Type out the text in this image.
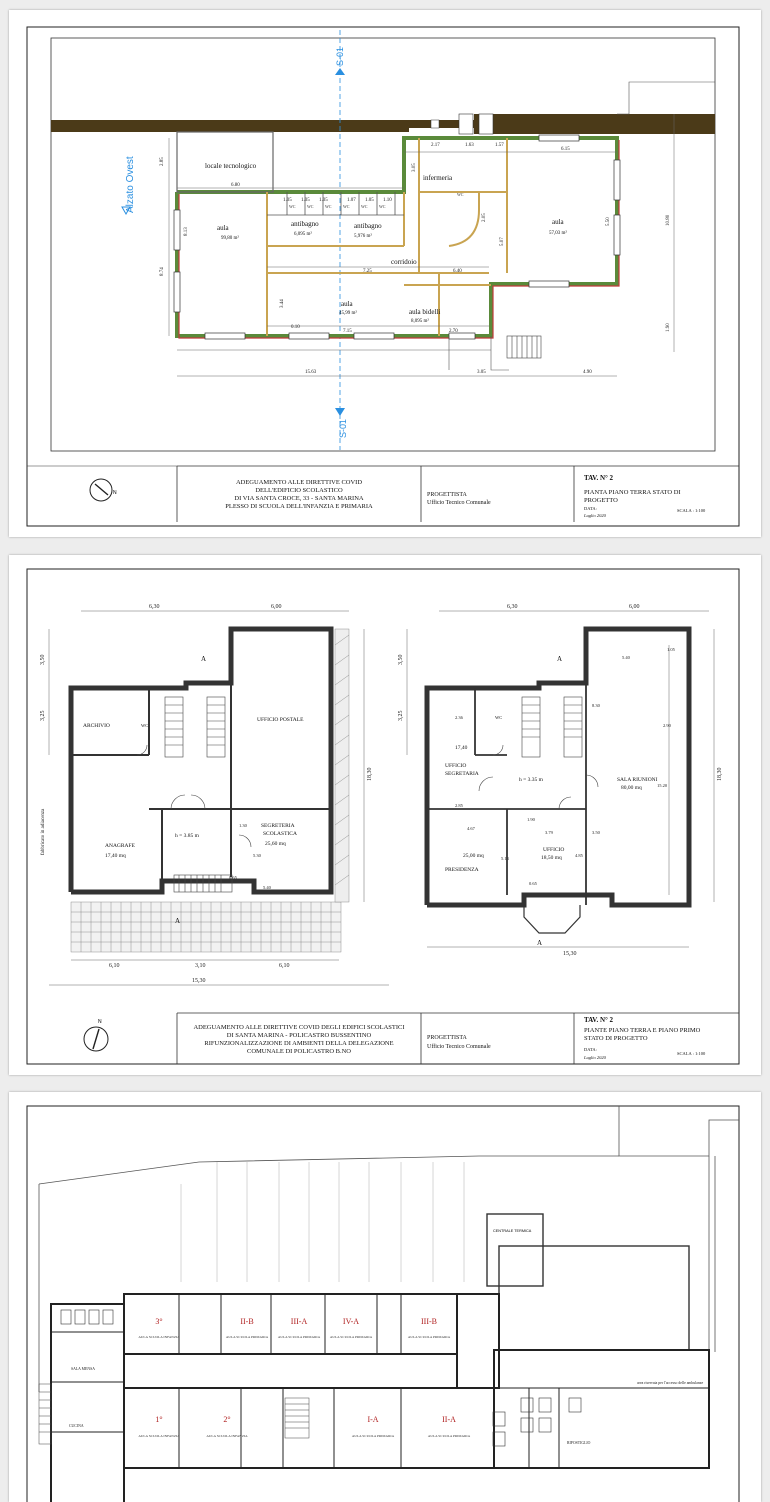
S-01
S-01
Alzato Ovest	locale tecnologico
aula
99,80 m²
antibagno
6,095 m²
antibagno
5,976 m²
infermeria
aula
57,03 m²
corridoio
aula
45,99 m²	aula bidelli
8,095 m²
WC	WC	WC	WC	WC	WC
WC
6.80
2.17	1.63	1.57
6.15
2.85
8.13
8.74
1.05 1.05 1.05	1.07 1.05 1.10
7.25	6.40
3.44
5.50	10.80
1.90
3.05
2.05
5.07
0.10
7.15	2.70
15.63	3.05	4.90
N
ADEGUAMENTO ALLE DIRETTIVE COVID
DELL'EDIFICIO SCOLASTICO
DI VIA SANTA CROCE, 33 - SANTA MARINA
PLESSO DI SCUOLA DELL'INFANZIA E PRIMARIA
PROGETTISTA
Ufficio Tecnico Comunale
TAV. N° 2
PIANTA PIANO TERRA STATO DI
PROGETTO
DATA:
Luglio 2020
SCALA : 1:100
6,30	6,00
3,50
3,25
18,30
6,10	3,10	6,10
15,30
1.30
5.30
5.40
0.65
ARCHIVIO	WC
UFFICIO POSTALE
ANAGRAFE
17,40 mq
SEGRETERIA
SCOLASTICA
25,60 mq
h = 3.85 m
fabbricato in adiacenza
A
A
6,30	6,00
3,50
3,25
18,30
15,30
5.40
8.30
2.36
2.85
4.67
1.90
3.79	3.50
5.13
4.85
0.65
2.90
15.20
1.05
WC
17,40
UFFICIO
SEGRETARIA
h = 3.35 m	SALA RIUNIONI
80,00 mq
25,00 mq
PRESIDENZA
UFFICIO
18,50 mq
A
A
N
ADEGUAMENTO ALLE DIRETTIVE COVID DEGLI EDIFICI SCOLASTICI
DI SANTA MARINA - POLICASTRO BUSSENTINO
RIFUNZIONALIZZAZIONE DI AMBIENTI DELLA DELEGAZIONE
COMUNALE DI POLICASTRO B.NO
PROGETTISTA
Ufficio Tecnico Comunale
TAV. N° 2
PIANTE PIANO TERRA E PIANO PRIMO
STATO DI PROGETTO
DATA:
Luglio 2020
SCALA : 1:100
CENTRALE TERMICA
3°
AULA SCUOLA INFANZIA
II-B
AULA SCUOLA PRIMARIA
III-A
AULA SCUOLA PRIMARIA
IV-A
AULA SCUOLA PRIMARIA
III-B
AULA SCUOLA PRIMARIA
1°
AULA SCUOLA INFANZIA
2°
AULA SCUOLA INFANZIA
I-A
AULA SCUOLA PRIMARIA
II-A
AULA SCUOLA PRIMARIA
CUCINA
SALA MENSA
RIPOSTIGLIO
area riservata per l'accesso delle ambulanze
